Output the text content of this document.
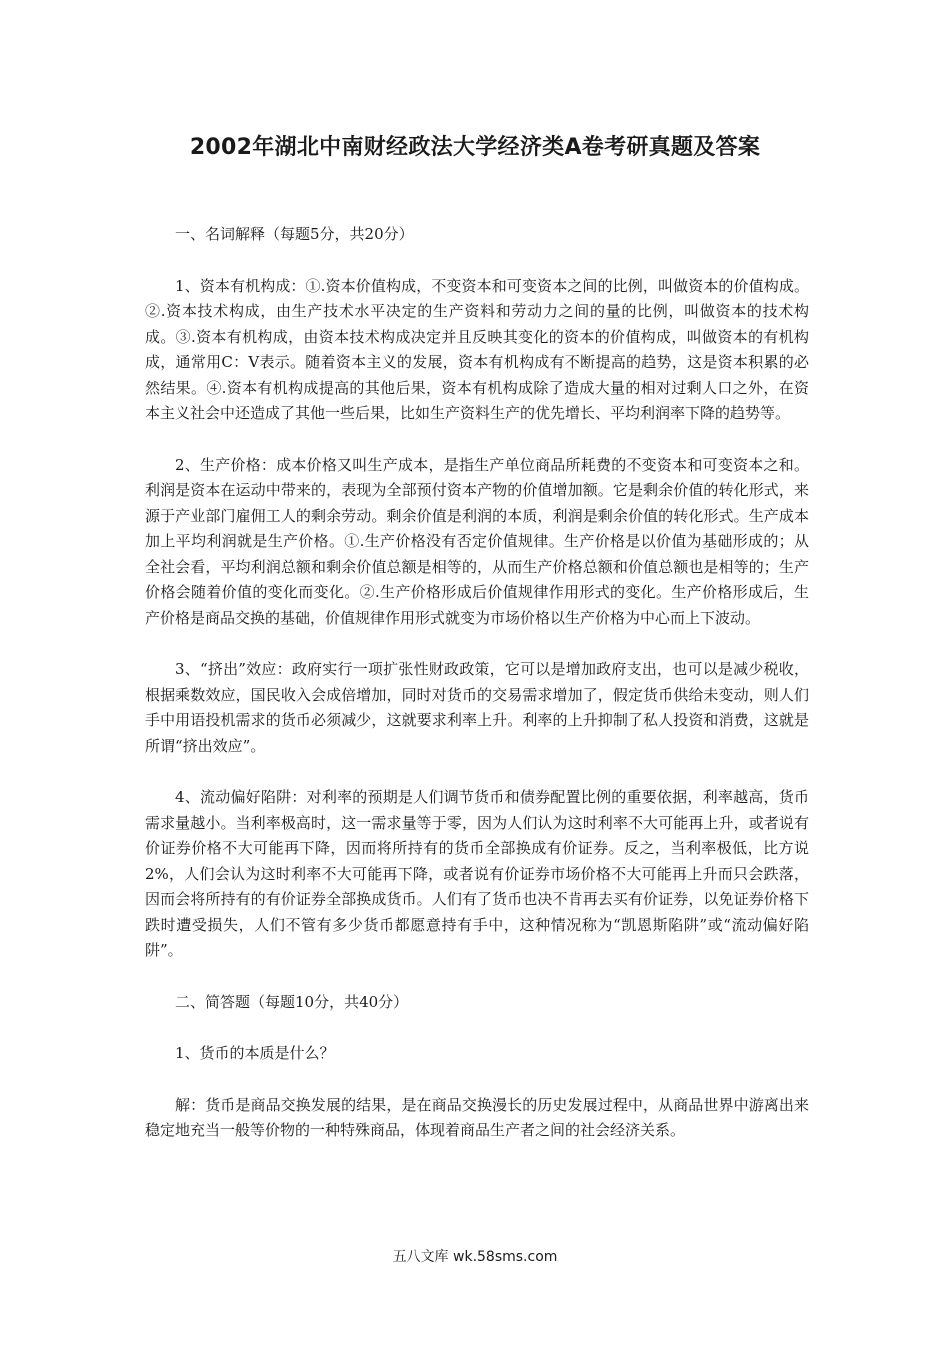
2002年湖北中南财经政法大学经济类A卷考研真题及答案

一、名词解释（每题5分，共20分）

1、资本有机构成：①.资本价值构成，不变资本和可变资本之间的比例，叫做资本的价值构成。②.资本技术构成，由生产技术水平决定的生产资料和劳动力之间的量的比例，叫做资本的技术构成。③.资本有机构成，由资本技术构成决定并且反映其变化的资本的价值构成，叫做资本的有机构成，通常用C：V表示。随着资本主义的发展，资本有机构成有不断提高的趋势，这是资本积累的必然结果。④.资本有机构成提高的其他后果，资本有机构成除了造成大量的相对过剩人口之外，在资本主义社会中还造成了其他一些后果，比如生产资料生产的优先增长、平均利润率下降的趋势等。

2、生产价格：成本价格又叫生产成本，是指生产单位商品所耗费的不变资本和可变资本之和。利润是资本在运动中带来的，表现为全部预付资本产物的价值增加额。它是剩余价值的转化形式，来源于产业部门雇佣工人的剩余劳动。剩余价值是利润的本质，利润是剩余价值的转化形式。生产成本加上平均利润就是生产价格。①.生产价格没有否定价值规律。生产价格是以价值为基础形成的；从全社会看，平均利润总额和剩余价值总额是相等的，从而生产价格总额和价值总额也是相等的；生产价格会随着价值的变化而变化。②.生产价格形成后价值规律作用形式的变化。生产价格形成后，生产价格是商品交换的基础，价值规律作用形式就变为市场价格以生产价格为中心而上下波动。

3、“挤出”效应：政府实行一项扩张性财政政策，它可以是增加政府支出，也可以是减少税收，根据乘数效应，国民收入会成倍增加，同时对货币的交易需求增加了，假定货币供给未变动，则人们手中用语投机需求的货币必须减少，这就要求利率上升。利率的上升抑制了私人投资和消费，这就是所谓“挤出效应”。

4、流动偏好陷阱：对利率的预期是人们调节货币和债券配置比例的重要依据，利率越高，货币需求量越小。当利率极高时，这一需求量等于零，因为人们认为这时利率不大可能再上升，或者说有价证券价格不大可能再下降，因而将所持有的货币全部换成有价证券。反之，当利率极低，比方说2%，人们会认为这时利率不大可能再下降，或者说有价证券市场价格不大可能再上升而只会跌落，因而会将所持有的有价证券全部换成货币。人们有了货币也决不肯再去买有价证券，以免证券价格下跌时遭受损失，人们不管有多少货币都愿意持有手中，这种情况称为“凯恩斯陷阱”或“流动偏好陷阱”。

二、简答题（每题10分，共40分）

1、货币的本质是什么？

解：货币是商品交换发展的结果，是在商品交换漫长的历史发展过程中，从商品世界中游离出来稳定地充当一般等价物的一种特殊商品，体现着商品生产者之间的社会经济关系。

五八文库 wk.58sms.com
